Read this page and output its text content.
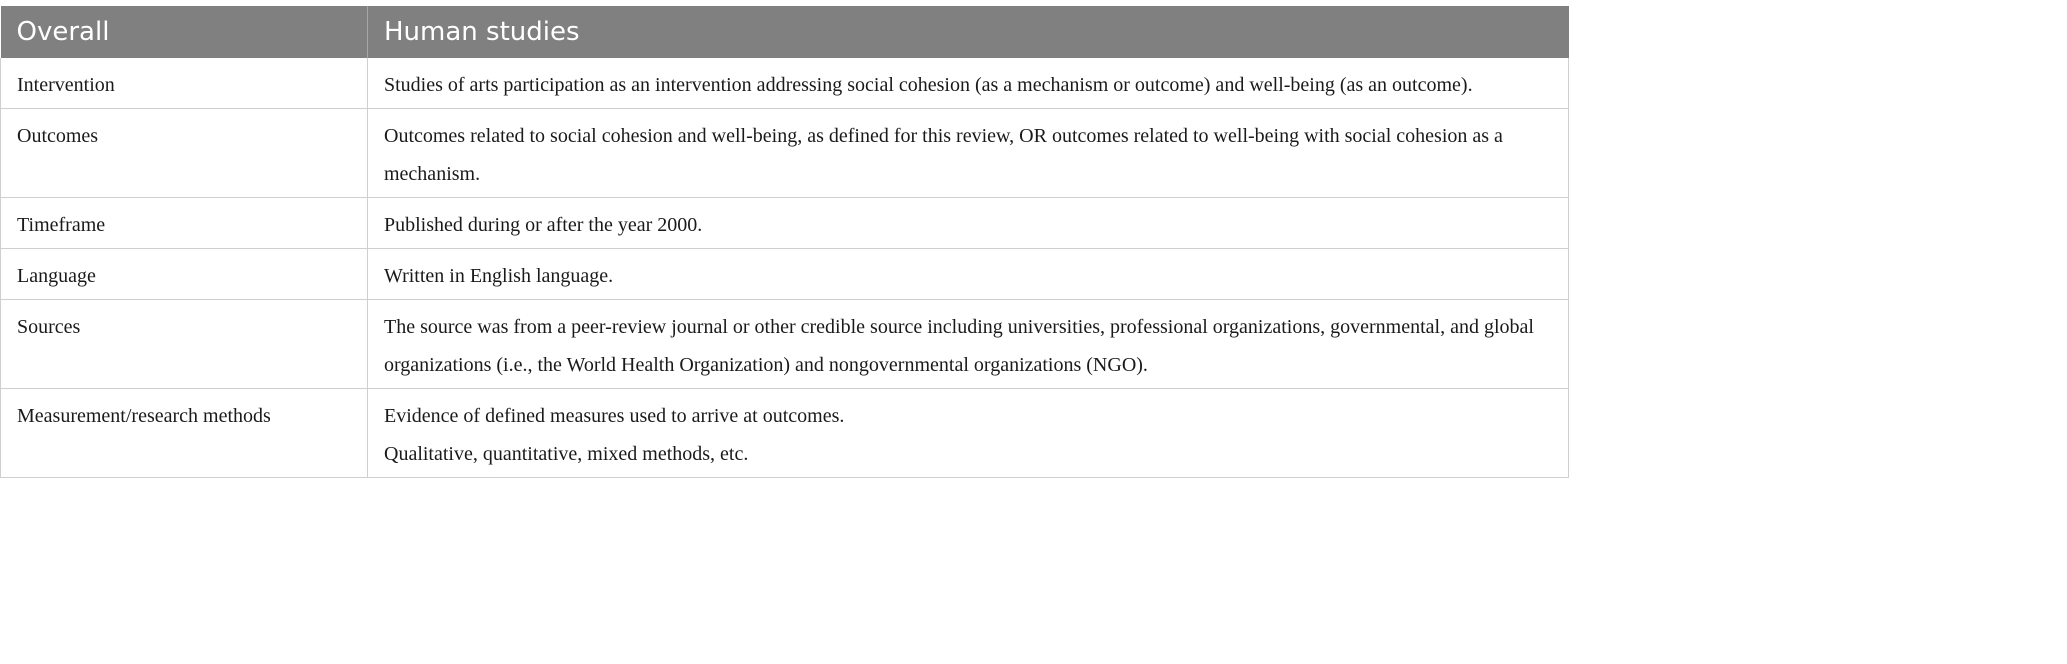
Overall	Human studies
Intervention	Studies of arts participation as an intervention addressing social cohesion (as a mechanism or outcome) and well-being (as an outcome).

Outcomes	Outcomes related to social cohesion and well-being, as defined for this review, OR outcomes related to well-being with social cohesion as a mechanism.

Timeframe	Published during or after the year 2000.

Language	Written in English language.

Sources	The source was from a peer-review journal or other credible source including universities, professional organizations, governmental, and global organizations (i.e., the World Health Organization) and nongovernmental organizations (NGO).

Measurement/research methods	Evidence of defined measures used to arrive at outcomes.
Qualitative, quantitative, mixed methods, etc.
